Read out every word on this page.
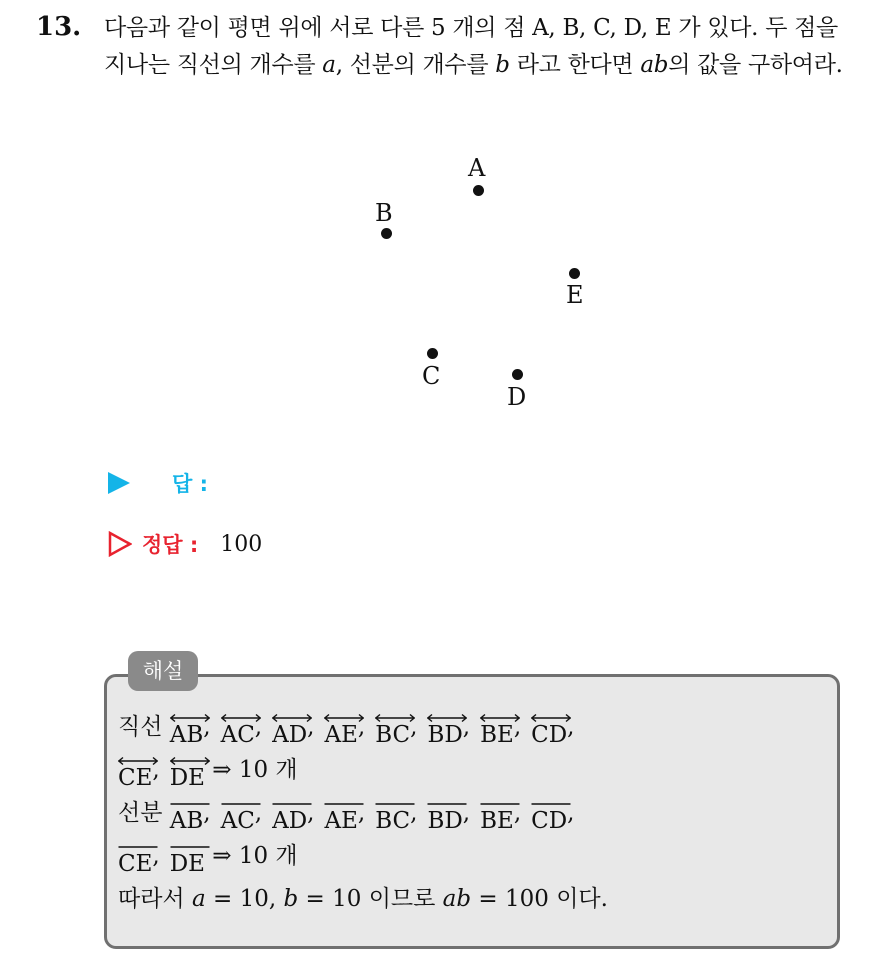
13. 다음과 같이 평면 위에 서로 다른 5 개의 점 A, B, C, D, E 가 있다. 두 점을 지나는 직선의 개수를 a, 선분의 개수를 b 라고 한다면 ab의 값을 구하여라.
A
B
E
C
D
답 :
정답 : 100
해설
직선 AB
, AC
, AD
, AE
, BC
, BD
, BE
, CD
,
CE
, DE
⇒ 10 개
선분 AB
, AC
, AD
, AE
, BC
, BD
, BE
, CD
,
CE
, DE
⇒ 10 개
따라서 a = 10, b = 10 이므로 ab = 100 이다.
